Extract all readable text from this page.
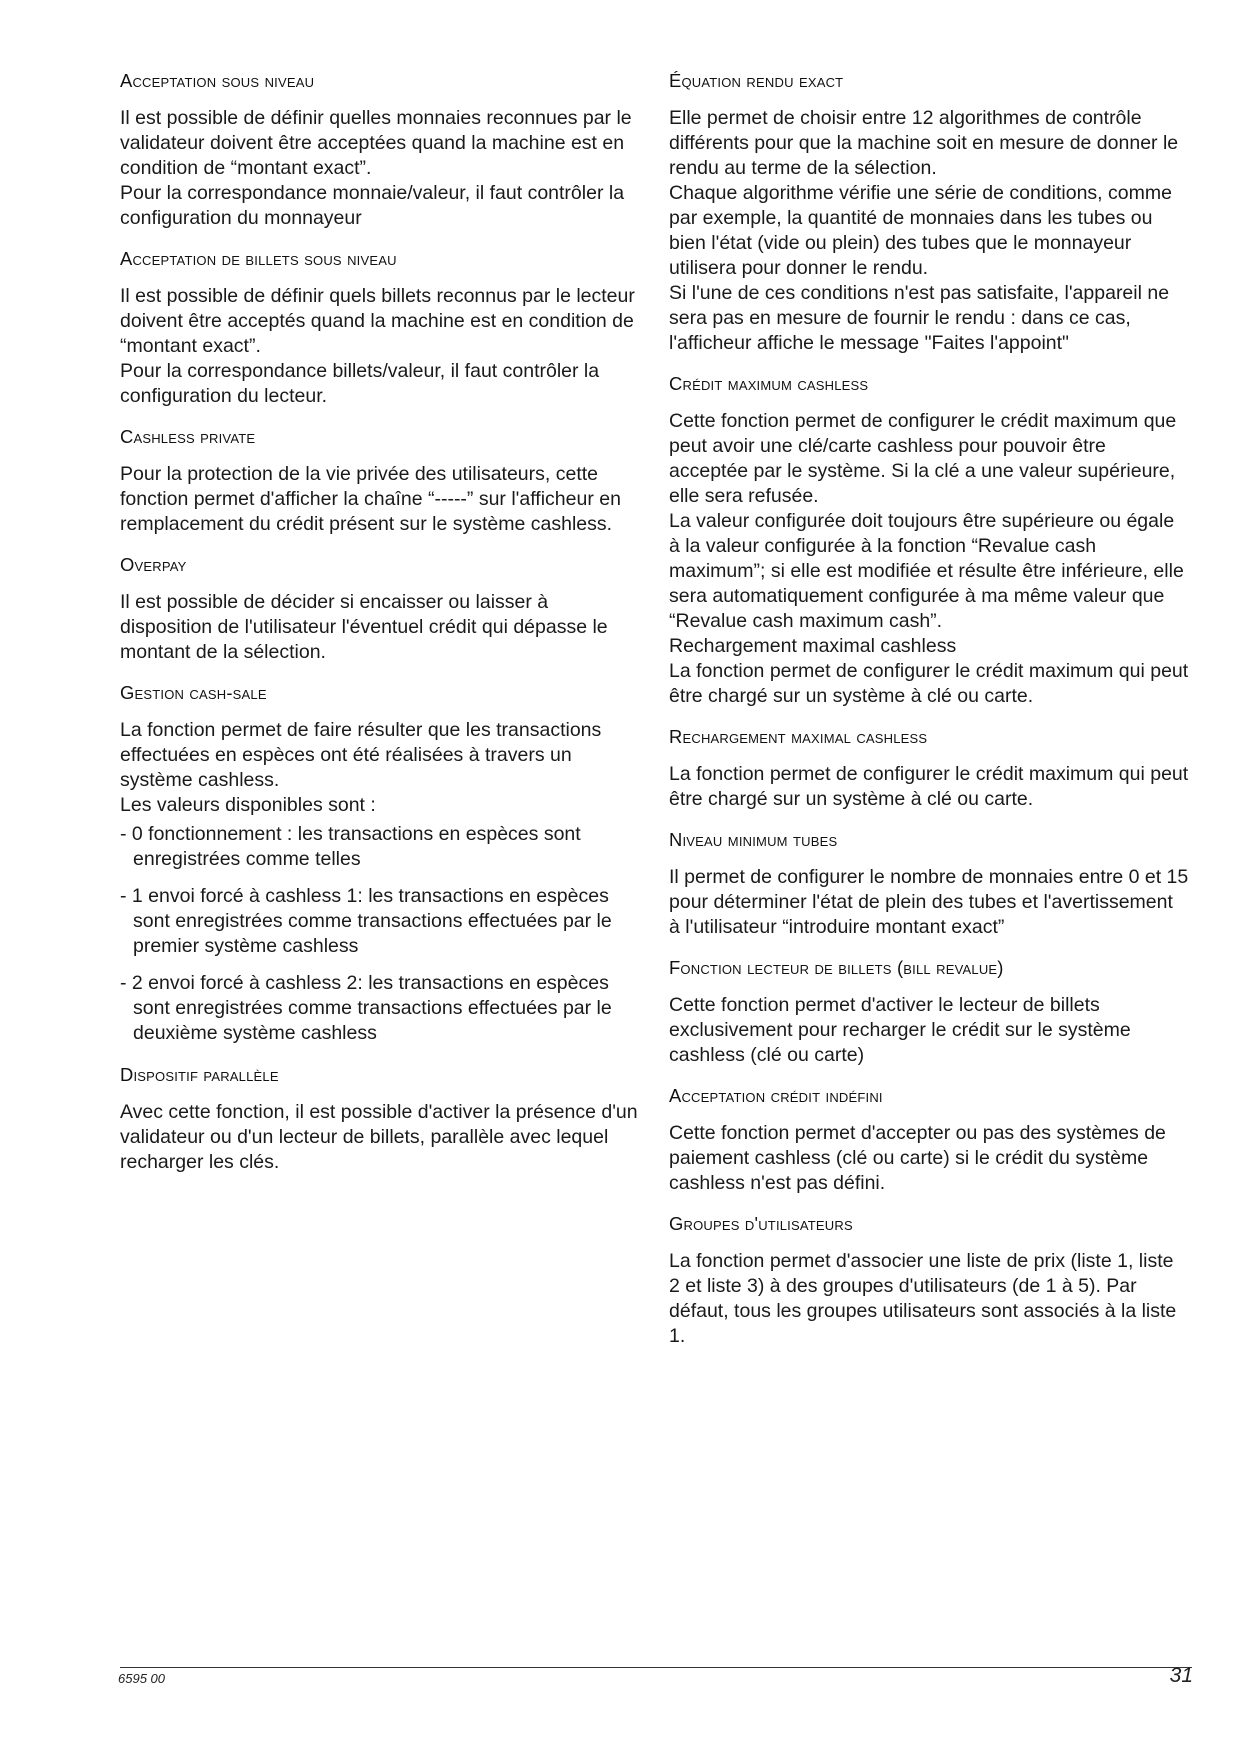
Acceptation sous niveau

Il est possible de définir quelles monnaies reconnues par le validateur doivent être acceptées quand la machine est en condition de “montant exact”.

Pour la correspondance monnaie/valeur, il faut contrôler la configuration du monnayeur

Acceptation de billets sous niveau

Il est possible de définir quels billets reconnus par le lecteur doivent être acceptés quand la machine est en condition de “montant exact”.

Pour la correspondance billets/valeur, il faut contrôler la configuration du lecteur.

Cashless private

Pour la protection de la vie privée des utilisateurs, cette fonction permet d'afficher la chaîne “-----” sur l'afficheur en remplacement du crédit présent sur le système cashless.

Overpay

Il est possible de décider si encaisser ou laisser à disposition de l'utilisateur l'éventuel crédit qui dépasse le montant de la sélection.

Gestion cash-sale

La fonction permet de faire résulter que les transactions effectuées en espèces ont été réalisées à travers un système cashless.

Les valeurs disponibles sont :

- 0 fonctionnement : les transactions en espèces sont enregistrées comme telles
- 1 envoi forcé à cashless 1: les transactions en espèces sont enregistrées comme transactions effectuées par le premier système cashless
- 2 envoi forcé à cashless 2: les transactions en espèces sont enregistrées comme transactions effectuées par le deuxième système cashless
Dispositif parallèle

Avec cette fonction, il est possible d'activer la présence d'un validateur ou d'un lecteur de billets, parallèle avec lequel recharger les clés.

Équation rendu exact

Elle permet de choisir entre 12 algorithmes de contrôle différents pour que la machine soit en mesure de donner le rendu au terme de la sélection.

Chaque algorithme vérifie une série de conditions, comme par exemple, la quantité de monnaies dans les tubes ou bien l'état (vide ou plein) des tubes que le monnayeur utilisera pour donner le rendu.

Si l'une de ces conditions n'est pas satisfaite, l'appareil ne sera pas en mesure de fournir le rendu : dans ce cas, l'afficheur affiche le message "Faites l'appoint"

Crédit maximum cashless

Cette fonction permet de configurer le crédit maximum que peut avoir une clé/carte cashless pour pouvoir être acceptée par le système. Si la clé a une valeur supérieure, elle sera refusée.

La valeur configurée doit toujours être supérieure ou égale à la valeur configurée à la fonction “Revalue cash maximum”; si elle est modifiée et résulte être inférieure, elle sera automatiquement configurée à ma même valeur que “Revalue cash maximum cash”.

Rechargement maximal cashless

La fonction permet de configurer le crédit maximum qui peut être chargé sur un système à clé ou carte.

Rechargement maximal cashless

La fonction permet de configurer le crédit maximum qui peut être chargé sur un système à clé ou carte.

Niveau minimum tubes

Il permet de configurer le nombre de monnaies entre 0 et 15 pour déterminer l'état de plein des tubes et l'avertissement à l'utilisateur “introduire montant exact”

Fonction lecteur de billets (bill revalue)

Cette fonction permet d'activer le lecteur de billets exclusivement pour recharger le crédit sur le système cashless (clé ou carte)

Acceptation crédit indéfini

Cette fonction permet d'accepter ou pas des systèmes de paiement cashless (clé ou carte) si le crédit du système cashless n'est pas défini.

Groupes d'utilisateurs

La fonction permet d'associer une liste de prix (liste 1, liste 2 et liste 3) à des groupes d'utilisateurs (de 1 à 5). Par défaut, tous les groupes utilisateurs sont associés à la liste 1.

6595 00	31
